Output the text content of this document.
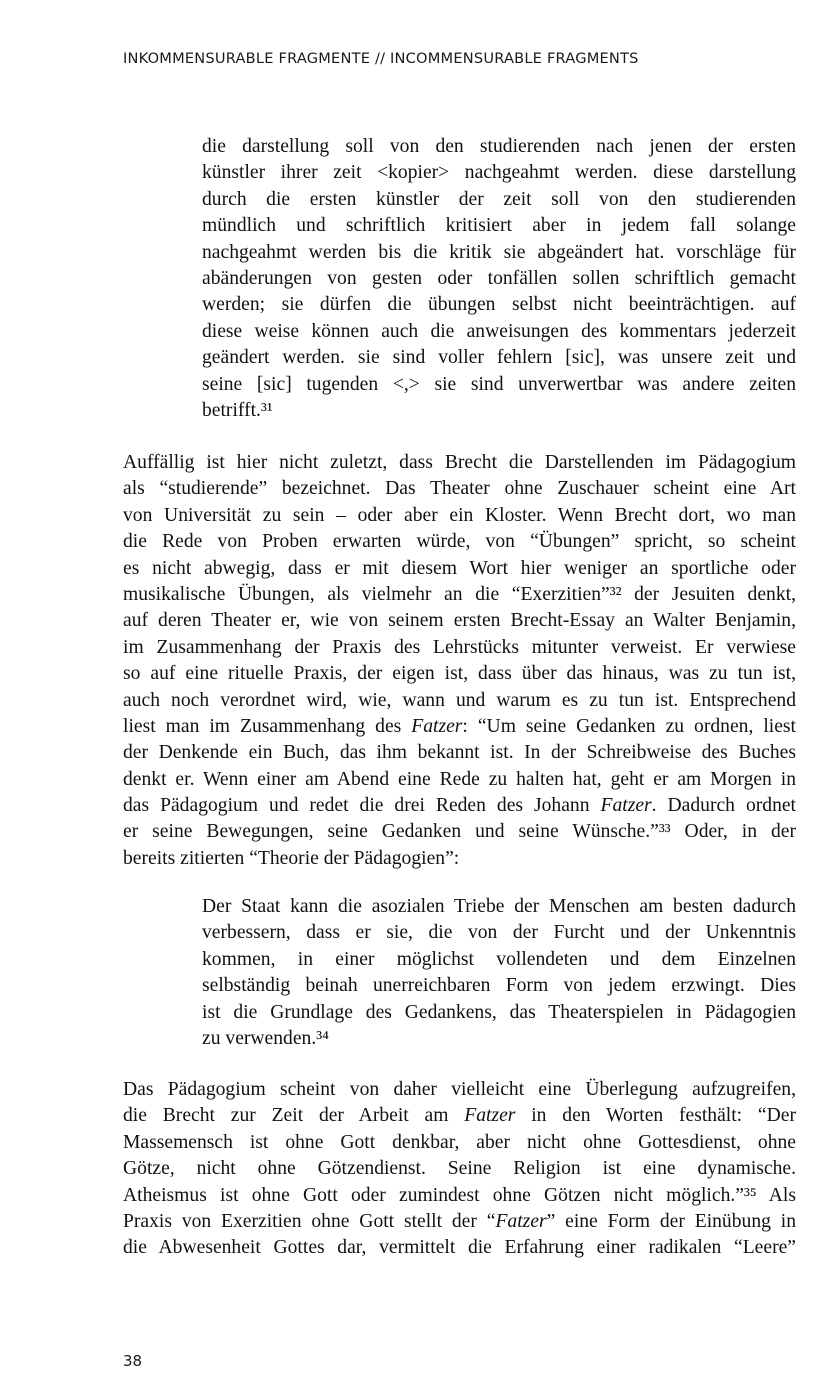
INKOMMENSURABLE FRAGMENTE // INCOMMENSURABLE FRAGMENTS
die darstellung soll von den studierenden nach jenen der ersten
künstler ihrer zeit <kopier> nachgeahmt werden. diese darstellung
durch die ersten künstler der zeit soll von den studierenden
mündlich und schriftlich kritisiert aber in jedem fall solange
nachgeahmt werden bis die kritik sie abgeändert hat. vorschläge für
abänderungen von gesten oder tonfällen sollen schriftlich gemacht
werden; sie dürfen die übungen selbst nicht beeinträchtigen. auf
diese weise können auch die anweisungen des kommentars jederzeit
geändert werden. sie sind voller fehlern [sic], was unsere zeit und
seine [sic] tugenden <,> sie sind unverwertbar was andere zeiten
betrifft.³¹
Auffällig ist hier nicht zuletzt, dass Brecht die Darstellenden im Pädagogium
als “studierende” bezeichnet. Das Theater ohne Zuschauer scheint eine Art
von Universität zu sein – oder aber ein Kloster. Wenn Brecht dort, wo man
die Rede von Proben erwarten würde, von “Übungen” spricht, so scheint
es nicht abwegig, dass er mit diesem Wort hier weniger an sportliche oder
musikalische Übungen, als vielmehr an die “Exerzitien”³² der Jesuiten denkt,
auf deren Theater er, wie von seinem ersten Brecht-Essay an Walter Benjamin,
im Zusammenhang der Praxis des Lehrstücks mitunter verweist. Er verwiese
so auf eine rituelle Praxis, der eigen ist, dass über das hinaus, was zu tun ist,
auch noch verordnet wird, wie, wann und warum es zu tun ist. Entsprechend
liest man im Zusammenhang des Fatzer: “Um seine Gedanken zu ordnen, liest
der Denkende ein Buch, das ihm bekannt ist. In der Schreibweise des Buches
denkt er. Wenn einer am Abend eine Rede zu halten hat, geht er am Morgen in
das Pädagogium und redet die drei Reden des Johann Fatzer. Dadurch ordnet
er seine Bewegungen, seine Gedanken und seine Wünsche.”³³ Oder, in der
bereits zitierten “Theorie der Pädagogien”:
Der Staat kann die asozialen Triebe der Menschen am besten dadurch
verbessern, dass er sie, die von der Furcht und der Unkenntnis
kommen, in einer möglichst vollendeten und dem Einzelnen
selbständig beinah unerreichbaren Form von jedem erzwingt. Dies
ist die Grundlage des Gedankens, das Theaterspielen in Pädagogien
zu verwenden.³⁴
Das Pädagogium scheint von daher vielleicht eine Überlegung aufzugreifen,
die Brecht zur Zeit der Arbeit am Fatzer in den Worten festhält: “Der
Massemensch ist ohne Gott denkbar, aber nicht ohne Gottesdienst, ohne
Götze, nicht ohne Götzendienst. Seine Religion ist eine dynamische.
Atheismus ist ohne Gott oder zumindest ohne Götzen nicht möglich.”³⁵ Als
Praxis von Exerzitien ohne Gott stellt der “Fatzer” eine Form der Einübung in
die Abwesenheit Gottes dar, vermittelt die Erfahrung einer radikalen “Leere”
38
